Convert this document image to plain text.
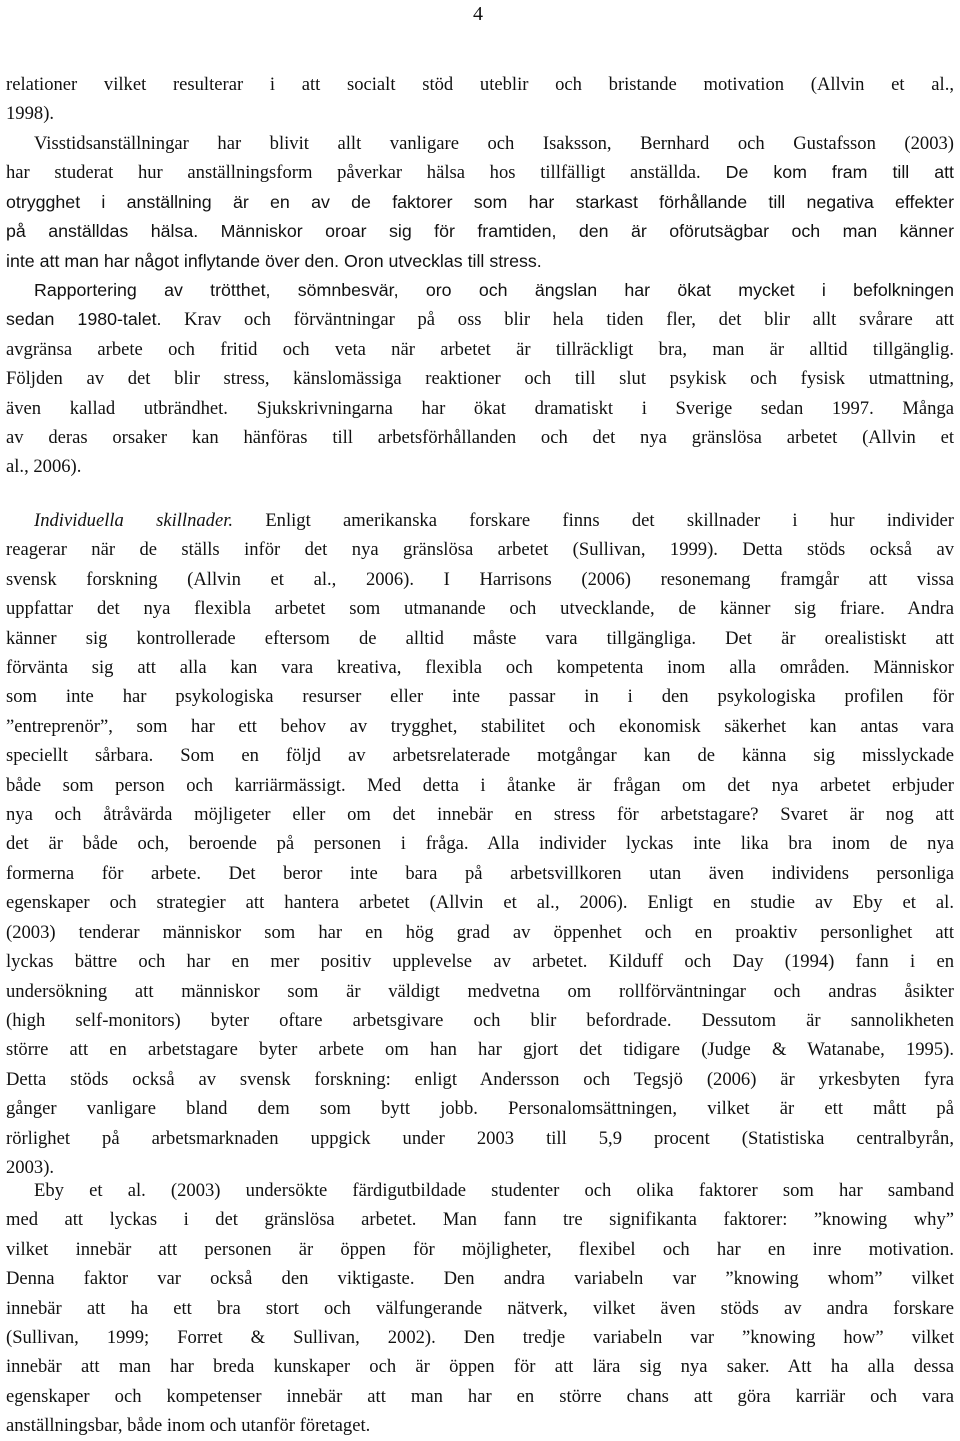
4
relationer vilket resulterar i att socialt stöd uteblir och bristande motivation (Allvin et al.,
1998).
Visstidsanställningar har blivit allt vanligare och Isaksson, Bernhard och Gustafsson (2003)
har studerat hur anställningsform påverkar hälsa hos tillfälligt anställda. De kom fram till att
otrygghet i anställning är en av de faktorer som har starkast förhållande till negativa effekter
på anställdas hälsa. Människor oroar sig för framtiden, den är oförutsägbar och man känner
inte att man har något inflytande över den. Oron utvecklas till stress.
Rapportering av trötthet, sömnbesvär, oro och ängslan har ökat mycket i befolkningen
sedan 1980-talet. Krav och förväntningar på oss blir hela tiden fler, det blir allt svårare att
avgränsa arbete och fritid och veta när arbetet är tillräckligt bra, man är alltid tillgänglig.
Följden av det blir stress, känslomässiga reaktioner och till slut psykisk och fysisk utmattning,
även kallad utbrändhet. Sjukskrivningarna har ökat dramatiskt i Sverige sedan 1997. Många
av deras orsaker kan hänföras till arbetsförhållanden och det nya gränslösa arbetet (Allvin et
al., 2006).
Individuella skillnader. Enligt amerikanska forskare finns det skillnader i hur individer
reagerar när de ställs inför det nya gränslösa arbetet (Sullivan, 1999). Detta stöds också av
svensk forskning (Allvin et al., 2006). I Harrisons (2006) resonemang framgår att vissa
uppfattar det nya flexibla arbetet som utmanande och utvecklande, de känner sig friare. Andra
känner sig kontrollerade eftersom de alltid måste vara tillgängliga. Det är orealistiskt att
förvänta sig att alla kan vara kreativa, flexibla och kompetenta inom alla områden. Människor
som inte har psykologiska resurser eller inte passar in i den psykologiska profilen för
”entreprenör”, som har ett behov av trygghet, stabilitet och ekonomisk säkerhet kan antas vara
speciellt sårbara. Som en följd av arbetsrelaterade motgångar kan de känna sig misslyckade
både som person och karriärmässigt. Med detta i åtanke är frågan om det nya arbetet erbjuder
nya och åtråvärda möjligeter eller om det innebär en stress för arbetstagare? Svaret är nog att
det är både och, beroende på personen i fråga. Alla individer lyckas inte lika bra inom de nya
formerna för arbete. Det beror inte bara på arbetsvillkoren utan även individens personliga
egenskaper och strategier att hantera arbetet (Allvin et al., 2006). Enligt en studie av Eby et al.
(2003) tenderar människor som har en hög grad av öppenhet och en proaktiv personlighet att
lyckas bättre och har en mer positiv upplevelse av arbetet. Kilduff och Day (1994) fann i en
undersökning att människor som är väldigt medvetna om rollförväntningar och andras åsikter
(high self-monitors) byter oftare arbetsgivare och blir befordrade. Dessutom är sannolikheten
större att en arbetstagare byter arbete om han har gjort det tidigare (Judge & Watanabe, 1995).
Detta stöds också av svensk forskning: enligt Andersson och Tegsjö (2006) är yrkesbyten fyra
gånger vanligare bland dem som bytt jobb. Personalomsättningen, vilket är ett mått på
rörlighet på arbetsmarknaden uppgick under 2003 till 5,9 procent (Statistiska centralbyrån,
2003).
Eby et al. (2003) undersökte färdigutbildade studenter och olika faktorer som har samband
med att lyckas i det gränslösa arbetet. Man fann tre signifikanta faktorer: ”knowing why”
vilket innebär att personen är öppen för möjligheter, flexibel och har en inre motivation.
Denna faktor var också den viktigaste. Den andra variabeln var ”knowing whom” vilket
innebär att ha ett bra stort och välfungerande nätverk, vilket även stöds av andra forskare
(Sullivan, 1999; Forret & Sullivan, 2002). Den tredje variabeln var ”knowing how” vilket
innebär att man har breda kunskaper och är öppen för att lära sig nya saker. Att ha alla dessa
egenskaper och kompetenser innebär att man har en större chans att göra karriär och vara
anställningsbar, både inom och utanför företaget.
